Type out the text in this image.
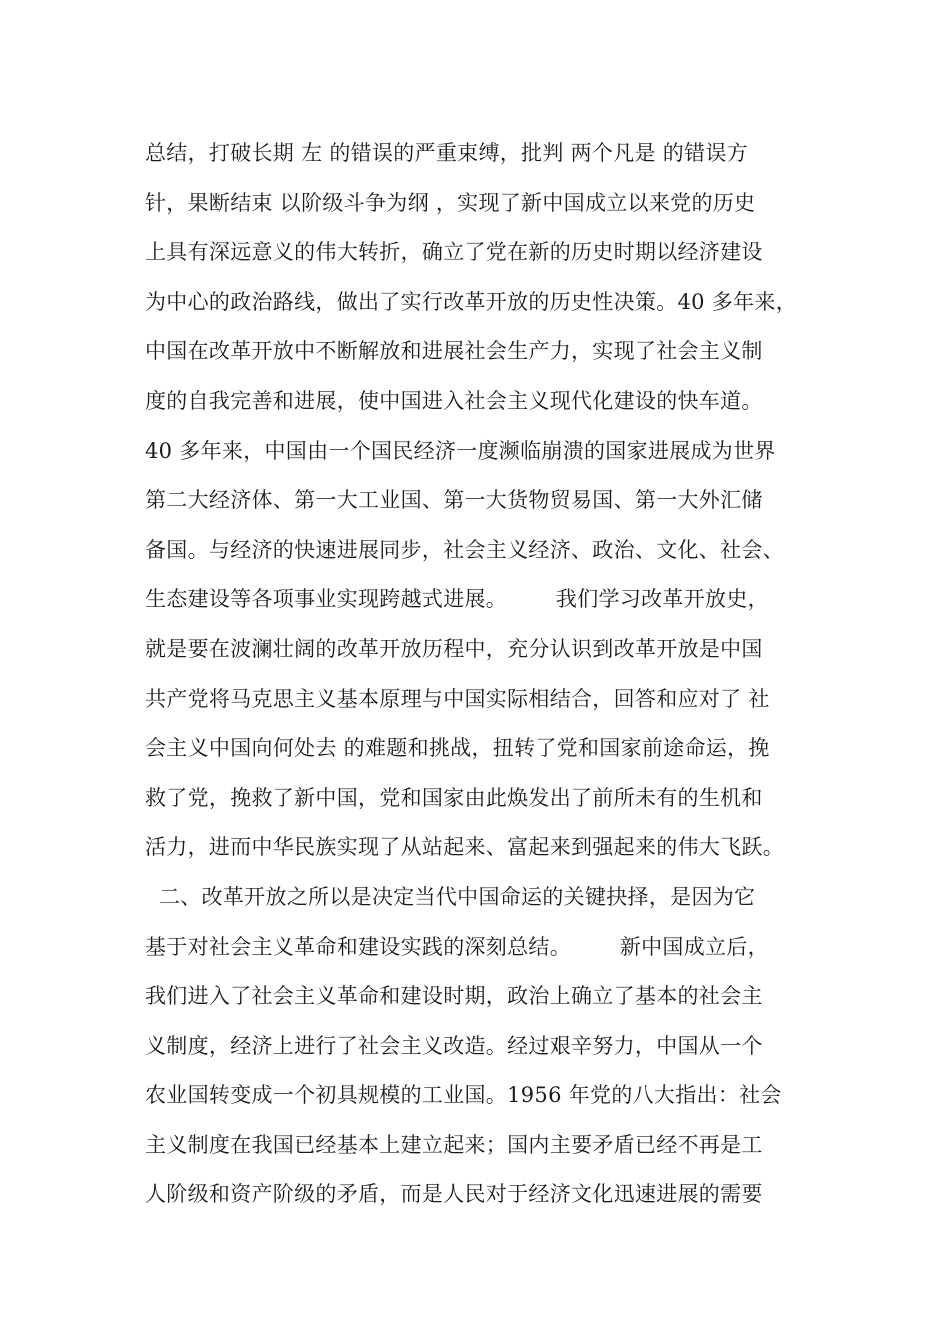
总结，打破长期 左 的错误的严重束缚，批判 两个凡是 的错误方
针，果断结束 以阶级斗争为纲 ，实现了新中国成立以来党的历史
上具有深远意义的伟大转折，确立了党在新的历史时期以经济建设
为中心的政治路线，做出了实行改革开放的历史性决策。40 多年来，
中国在改革开放中不断解放和进展社会生产力，实现了社会主义制
度的自我完善和进展，使中国进入社会主义现代化建设的快车道。
40 多年来，中国由一个国民经济一度濒临崩溃的国家进展成为世界
第二大经济体、第一大工业国、第一大货物贸易国、第一大外汇储
备国。与经济的快速进展同步，社会主义经济、政治、文化、社会、
生态建设等各项事业实现跨越式进展。       我们学习改革开放史，
就是要在波澜壮阔的改革开放历程中，充分认识到改革开放是中国
共产党将马克思主义基本原理与中国实际相结合，回答和应对了 社
会主义中国向何处去 的难题和挑战，扭转了党和国家前途命运，挽
救了党，挽救了新中国，党和国家由此焕发出了前所未有的生机和
活力，进而中华民族实现了从站起来、富起来到强起来的伟大飞跃。
二、改革开放之所以是决定当代中国命运的关键抉择，是因为它
基于对社会主义革命和建设实践的深刻总结。       新中国成立后，
我们进入了社会主义革命和建设时期，政治上确立了基本的社会主
义制度，经济上进行了社会主义改造。经过艰辛努力，中国从一个
农业国转变成一个初具规模的工业国。1956 年党的八大指出：社会
主义制度在我国已经基本上建立起来；国内主要矛盾已经不再是工
人阶级和资产阶级的矛盾，而是人民对于经济文化迅速进展的需要
